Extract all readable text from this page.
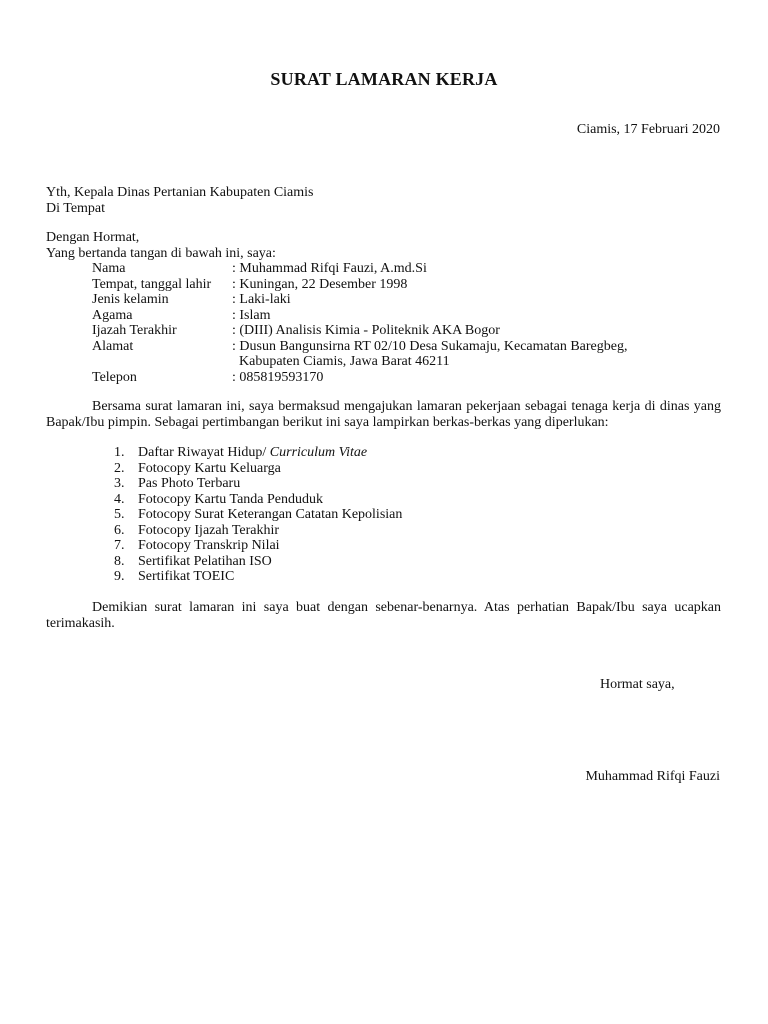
SURAT LAMARAN KERJA
Ciamis, 17 Februari 2020
Yth, Kepala Dinas Pertanian Kabupaten Ciamis
Di Tempat
Dengan Hormat,
Yang bertanda tangan di bawah ini, saya:
Nama	: Muhammad Rifqi Fauzi, A.md.Si
Tempat, tanggal lahir	: Kuningan, 22 Desember 1998
Jenis kelamin	: Laki-laki
Agama	: Islam
Ijazah Terakhir	: (DIII) Analisis Kimia - Politeknik AKA Bogor
Alamat	: Dusun Bangunsirna RT 02/10 Desa Sukamaju, Kecamatan Baregbeg,
Kabupaten Ciamis, Jawa Barat 46211

Telepon	: 085819593170
Bersama surat lamaran ini, saya bermaksud mengajukan lamaran pekerjaan sebagai tenaga kerja di dinas yang Bapak/Ibu pimpin. Sebagai pertimbangan berikut ini saya lampirkan berkas-berkas yang diperlukan:
1. Daftar Riwayat Hidup/ Curriculum Vitae
2. Fotocopy Kartu Keluarga
3. Pas Photo Terbaru
4. Fotocopy Kartu Tanda Penduduk
5. Fotocopy Surat Keterangan Catatan Kepolisian
6. Fotocopy Ijazah Terakhir
7. Fotocopy Transkrip Nilai
8. Sertifikat Pelatihan ISO
9. Sertifikat TOEIC
Demikian surat lamaran ini saya buat dengan sebenar-benarnya. Atas perhatian Bapak/Ibu saya ucapkan terimakasih.
Hormat saya,
Muhammad Rifqi Fauzi
